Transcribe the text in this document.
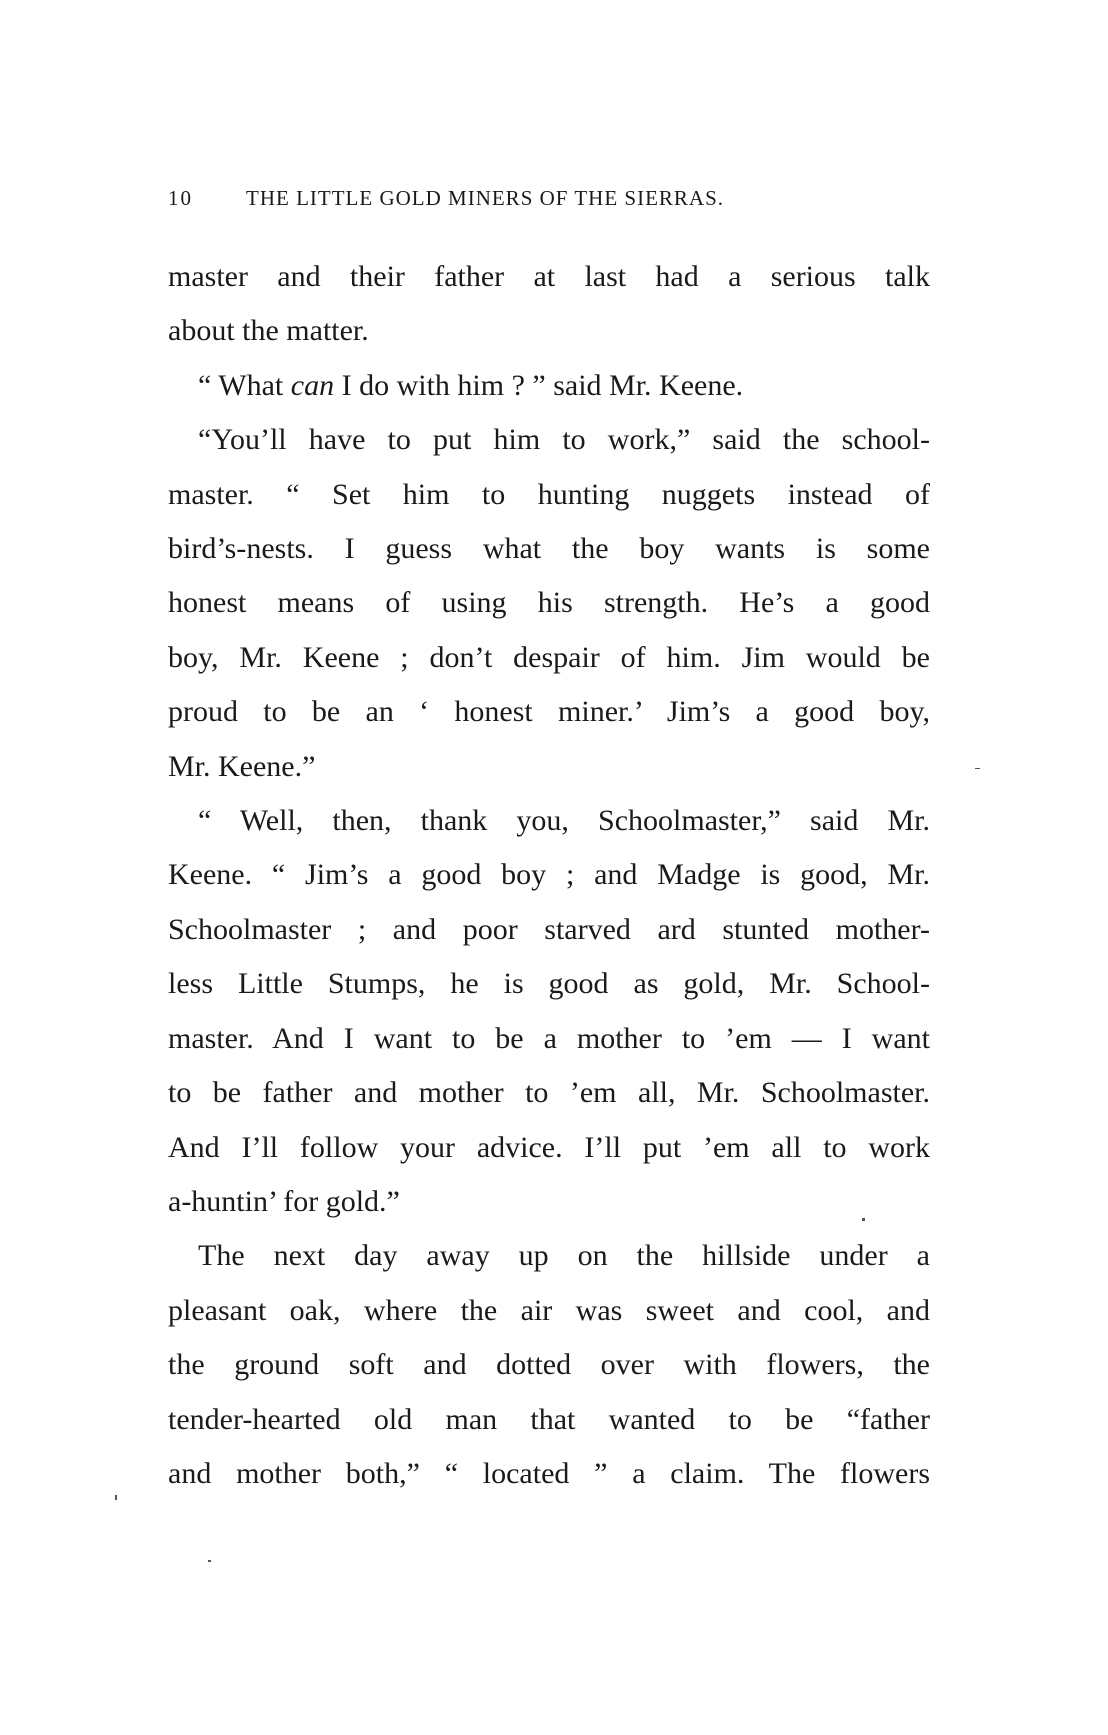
10	THE LITTLE GOLD MINERS OF THE SIERRAS.

master and their father at last had a serious talk

about the matter.

“ What can I do with him ? ” said Mr. Keene.

“You’ll have to put him to work,” said the school-

master. “ Set him to hunting nuggets instead of

bird’s-nests. I guess what the boy wants is some

honest means of using his strength. He’s a good

boy, Mr. Keene ; don’t despair of him. Jim would be

proud to be an ‘ honest miner.’ Jim’s a good boy,

Mr. Keene.”

“ Well, then, thank you, Schoolmaster,” said Mr.

Keene. “ Jim’s a good boy ; and Madge is good, Mr.

Schoolmaster ; and poor starved ard stunted mother-

less Little Stumps, he is good as gold, Mr. School-

master. And I want to be a mother to ’em — I want

to be father and mother to ’em all, Mr. Schoolmaster.

And I’ll follow your advice. I’ll put ’em all to work

a-huntin’ for gold.”

The next day away up on the hillside under a

pleasant oak, where the air was sweet and cool, and

the ground soft and dotted over with flowers, the

tender-hearted old man that wanted to be “father

and mother both,” “ located ” a claim. The flowers
